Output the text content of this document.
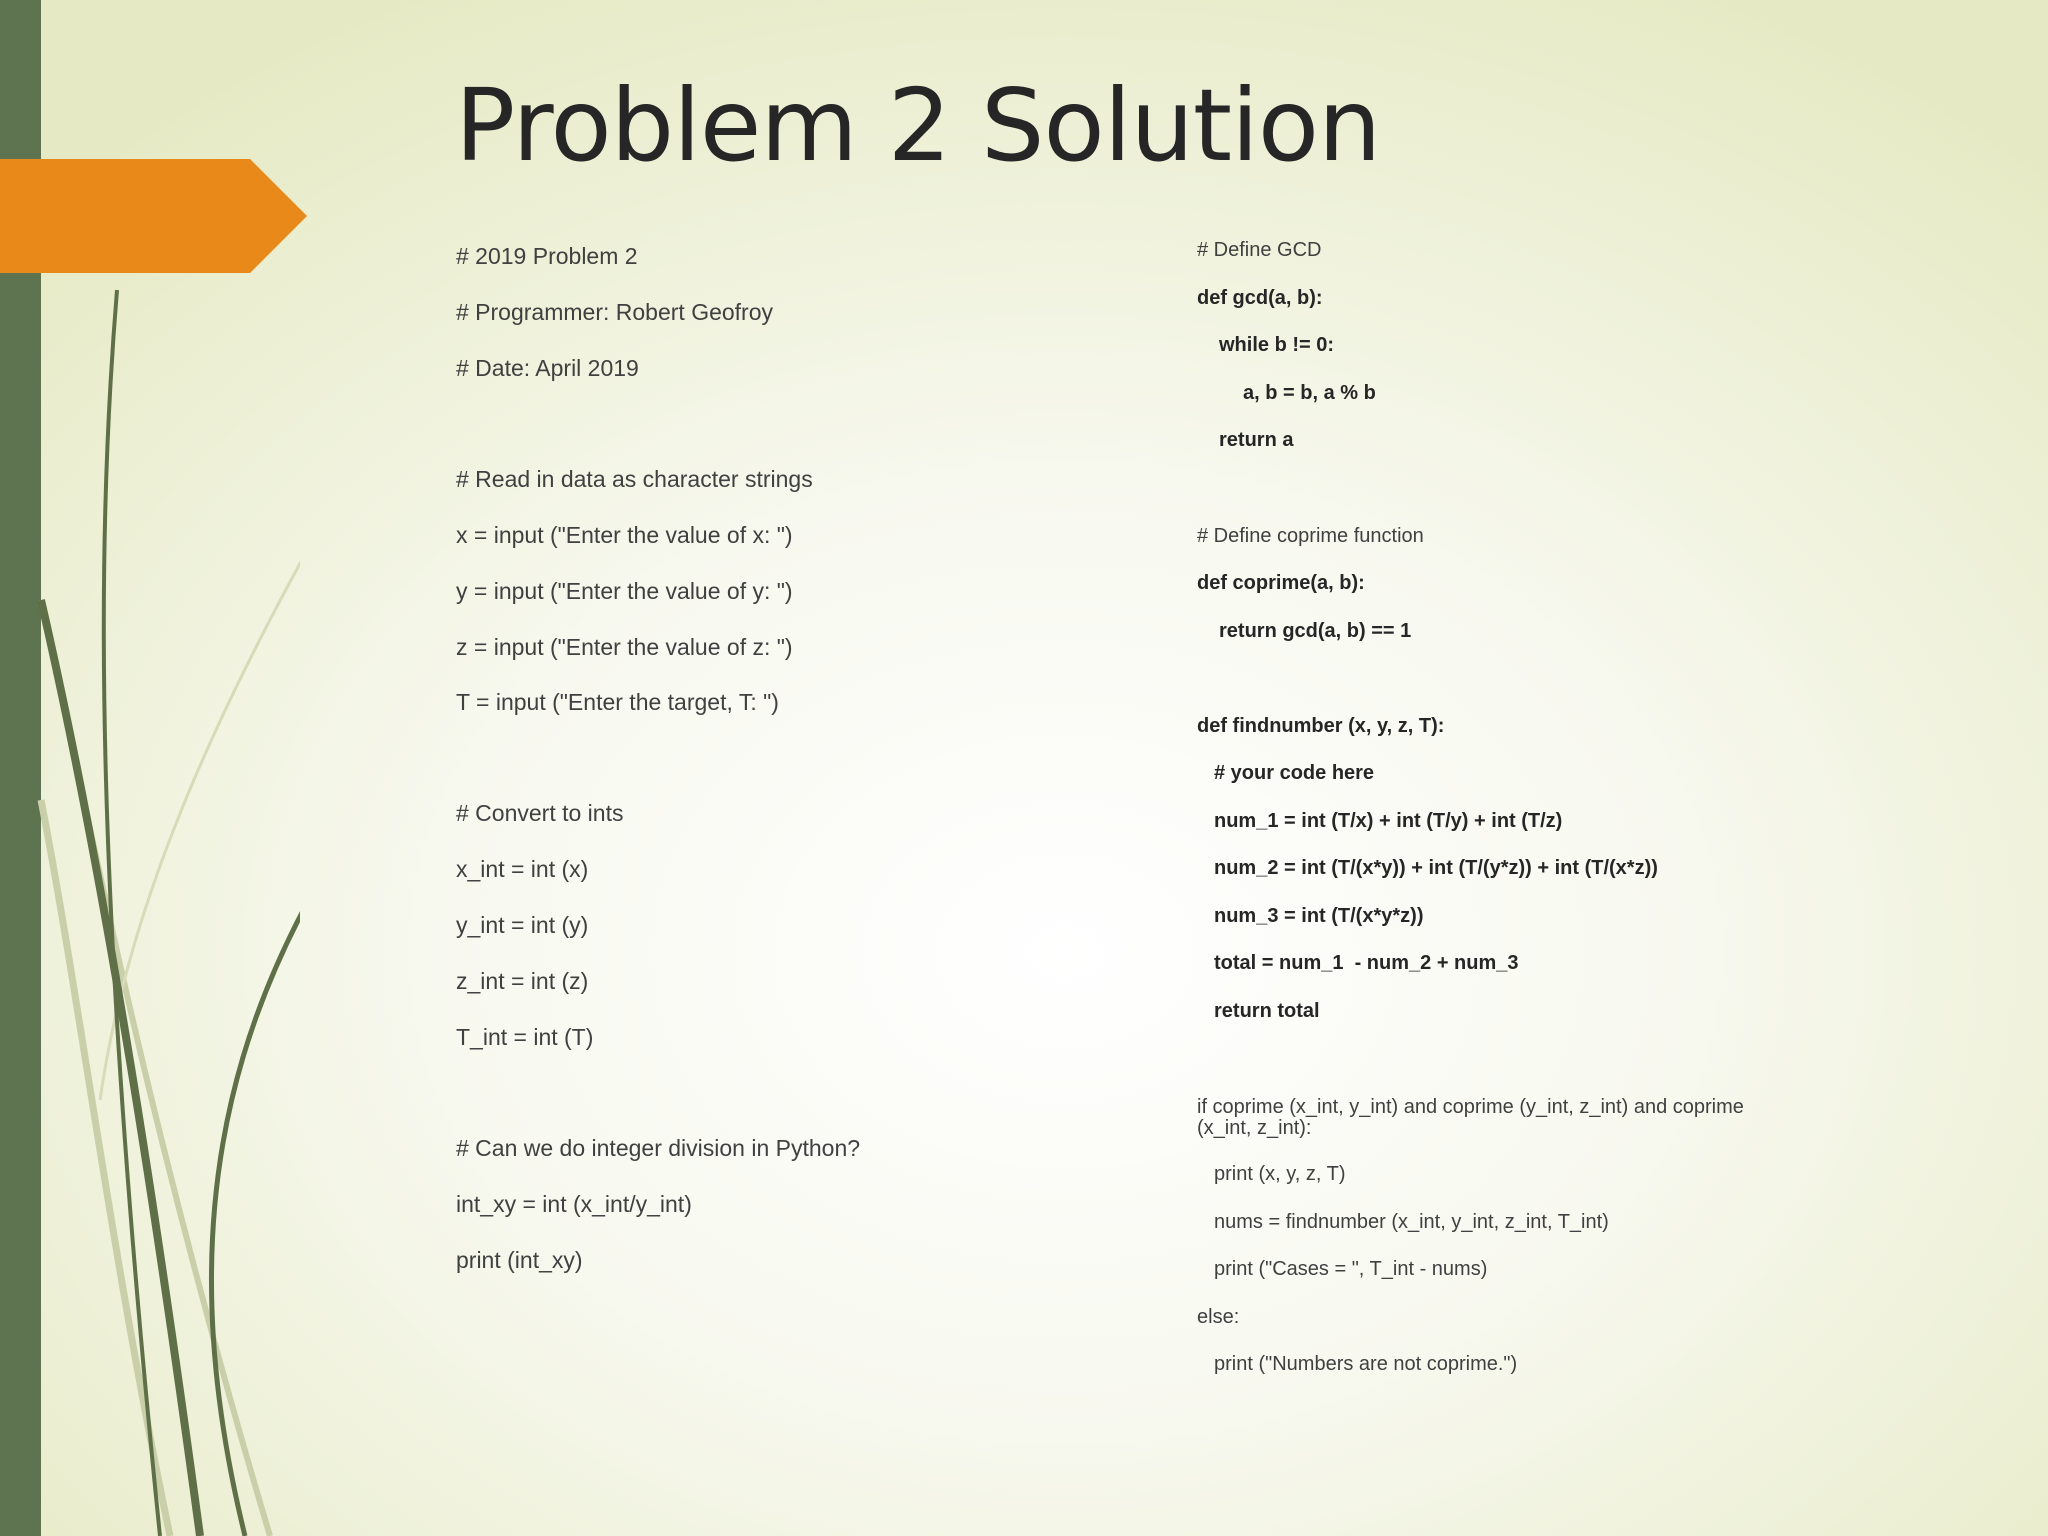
Problem 2 Solution
# 2019 Problem 2
# Programmer: Robert Geofroy
# Date: April 2019
# Read in data as character strings
x = input ("Enter the value of x: ")
y = input ("Enter the value of y: ")
z = input ("Enter the value of z: ")
T = input ("Enter the target, T: ")
# Convert to ints
x_int = int (x)
y_int = int (y)
z_int = int (z)
T_int = int (T)
# Can we do integer division in Python?
int_xy = int (x_int/y_int)
print (int_xy)
# Define GCD
def gcd(a, b):
while b != 0:
a, b = b, a % b
return a
# Define coprime function
def coprime(a, b):
return gcd(a, b) == 1
def findnumber (x, y, z, T):
# your code here
num_1 = int (T/x) + int (T/y) + int (T/z)
num_2 = int (T/(x*y)) + int (T/(y*z)) + int (T/(x*z))
num_3 = int (T/(x*y*z))
total = num_1  - num_2 + num_3
return total
if coprime (x_int, y_int) and coprime (y_int, z_int) and coprime (x_int, z_int):
print (x, y, z, T)
nums = findnumber (x_int, y_int, z_int, T_int)
print ("Cases = ", T_int - nums)
else:
print ("Numbers are not coprime.")
